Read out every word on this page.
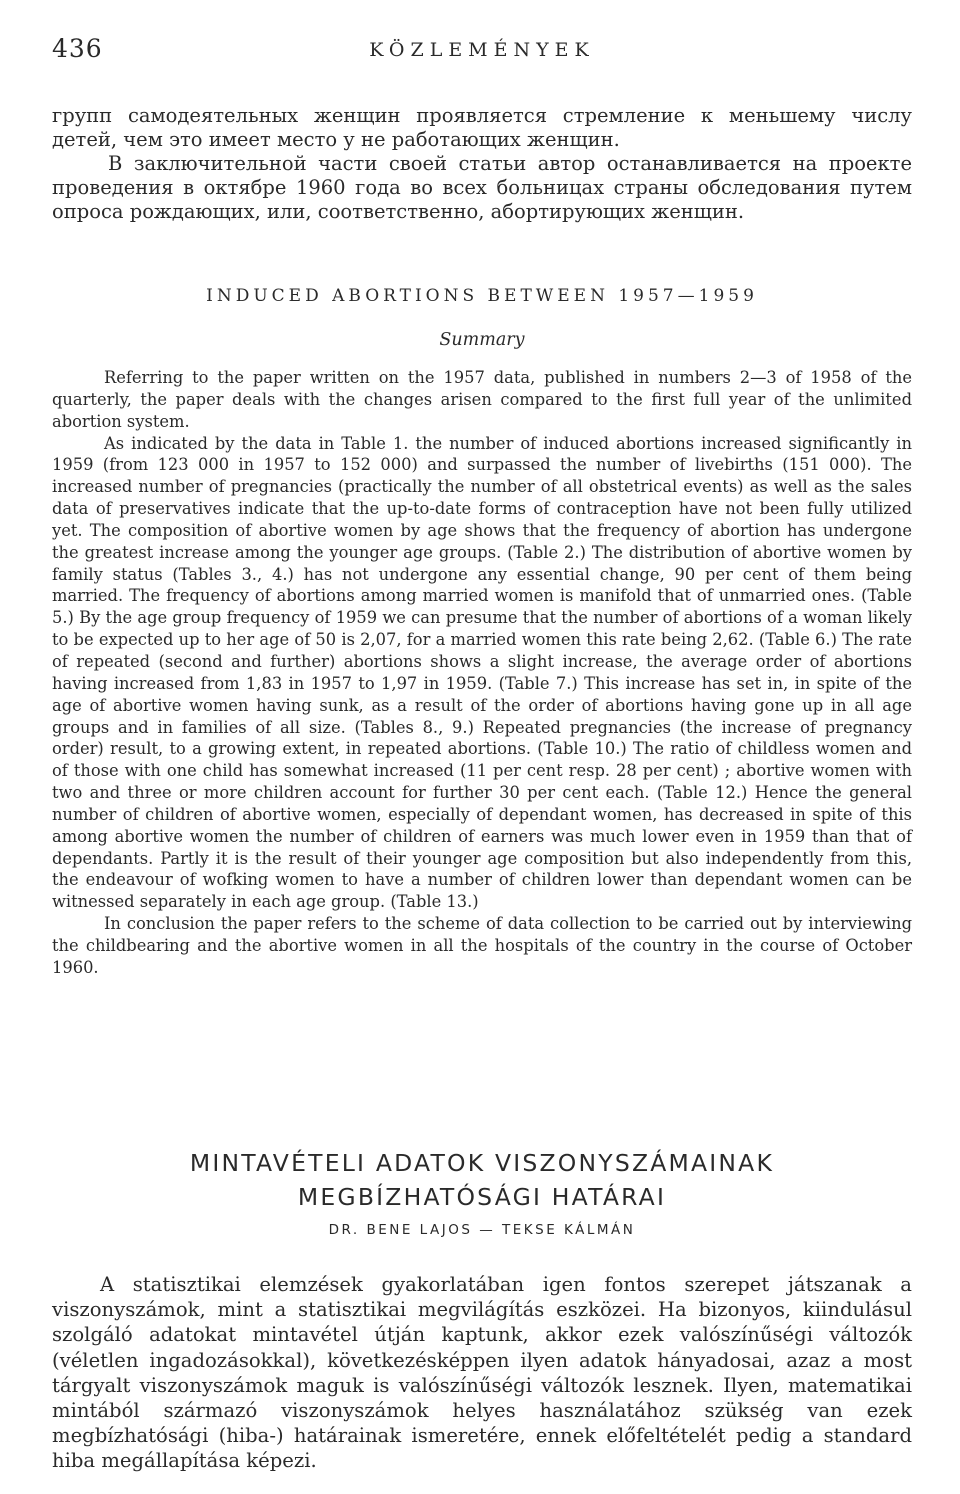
436	KÖZLEMÉNYEK

групп самодеятельных женщин проявляется стремление к меньшему числу детей, чем это имеет место у не работающих женщин.

В заключительной части своей статьи автор останавливается на проекте проведения в октябре 1960 года во всех больницах страны обследования путем опроса рождающих, или, соответственно, абортирующих женщин.

INDUCED ABORTIONS BETWEEN 1957—1959
Summary

Referring to the paper written on the 1957 data, published in numbers 2—3 of 1958 of the quarterly, the paper deals with the changes arisen compared to the first full year of the unlimited abortion system.

As indicated by the data in Table 1. the number of induced abortions increased significantly in 1959 (from 123 000 in 1957 to 152 000) and surpassed the number of livebirths (151 000). The increased number of pregnancies (practically the number of all obstetrical events) as well as the sales data of preservatives indicate that the up-to-date forms of contraception have not been fully utilized yet. The composition of abortive women by age shows that the frequency of abortion has undergone the greatest increase among the younger age groups. (Table 2.) The distribution of abortive women by family status (Tables 3., 4.) has not undergone any essential change, 90 per cent of them being married. The frequency of abortions among married women is manifold that of unmarried ones. (Table 5.) By the age group frequency of 1959 we can presume that the number of abortions of a woman likely to be expected up to her age of 50 is 2,07, for a married women this rate being 2,62. (Table 6.) The rate of repeated (second and further) abortions shows a slight increase, the average order of abortions having increased from 1,83 in 1957 to 1,97 in 1959. (Table 7.) This increase has set in, in spite of the age of abortive women having sunk, as a result of the order of abortions having gone up in all age groups and in families of all size. (Tables 8., 9.) Repeated pregnancies (the increase of pregnancy order) result, to a growing extent, in repeated abortions. (Table 10.) The ratio of childless women and of those with one child has somewhat increased (11 per cent resp. 28 per cent) ; abortive women with two and three or more children account for further 30 per cent each. (Table 12.) Hence the general number of children of abortive women, especially of dependant women, has decreased in spite of this among abortive women the number of children of earners was much lower even in 1959 than that of dependants. Partly it is the result of their younger age composition but also independently from this, the endeavour of wofking women to have a number of children lower than dependant women can be witnessed separately in each age group. (Table 13.)

In conclusion the paper refers to the scheme of data collection to be carried out by interviewing the childbearing and the abortive women in all the hospitals of the country in the course of October 1960.

MINTAVÉTELI ADATOK VISZONYSZÁMAINAK
MEGBÍZHATÓSÁGI HATÁRAI
DR. BENE LAJOS — TEKSE KÁLMÁN

A statisztikai elemzések gyakorlatában igen fontos szerepet játszanak a viszonyszámok, mint a statisztikai megvilágítás eszközei. Ha bizonyos, kiindulásul szolgáló adatokat mintavétel útján kaptunk, akkor ezek valószínűségi változók (véletlen ingadozásokkal), következésképpen ilyen adatok hányadosai, azaz a most tárgyalt viszonyszámok maguk is valószínűségi változók lesznek. Ilyen, matematikai mintából származó viszonyszámok helyes használatához szükség van ezek megbízhatósági (hiba-) határainak ismeretére, ennek előfeltételét pedig a standard hiba megállapítása képezi.
